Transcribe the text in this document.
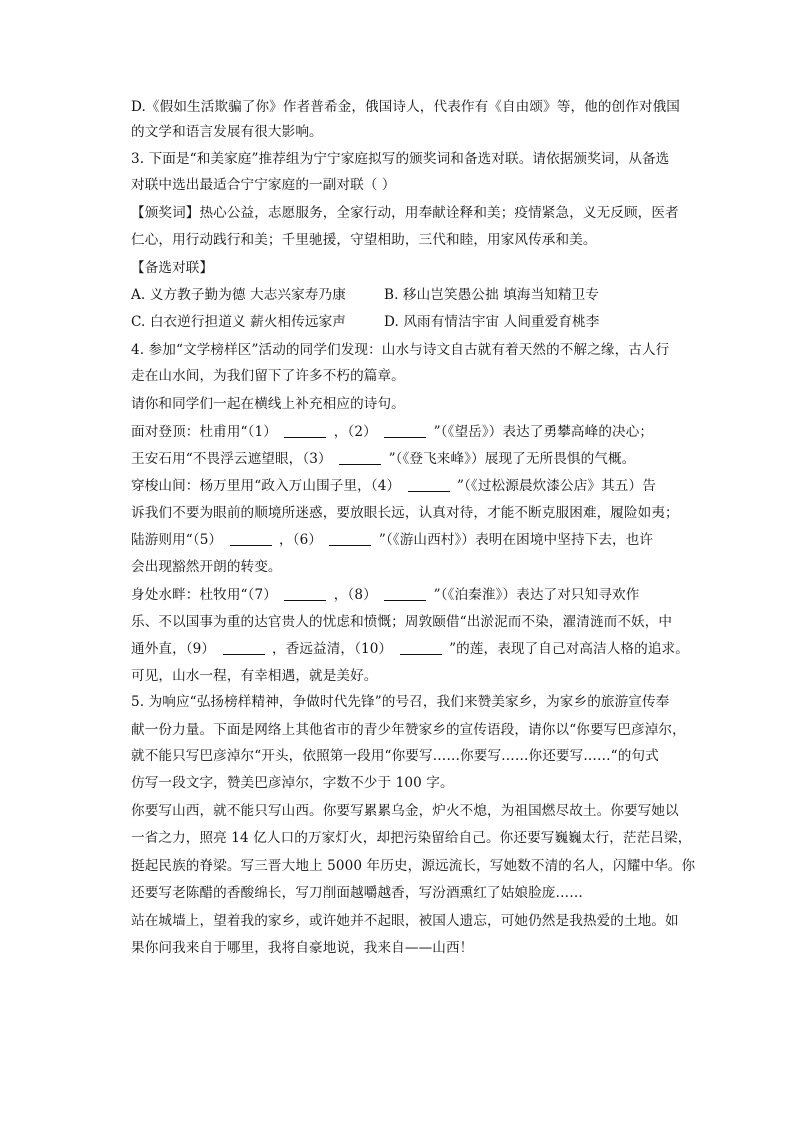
D.《假如生活欺骗了你》作者普希金，俄国诗人，代表作有《自由颂》等，他的创作对俄国
的文学和语言发展有很大影响。
3. 下面是“和美家庭”推荐组为宁宁家庭拟写的颁奖词和备选对联。请依据颁奖词，从备选
对联中选出最适合宁宁家庭的一副对联（ ）
【颁奖词】热心公益，志愿服务，全家行动，用奉献诠释和美；疫情紧急，义无反顾，医者
仁心，用行动践行和美；千里驰援，守望相助，三代和睦，用家风传承和美。
【备选对联】
A. 义方教子勤为德 大志兴家寿乃康	B. 移山岂笑愚公拙 填海当知精卫专
C. 白衣逆行担道义 薪火相传远家声	D. 风雨有情洁宇宙 人间重爱育桃李
4. 参加“文学榜样区”活动的同学们发现：山水与诗文自古就有着天然的不解之缘，古人行
走在山水间，为我们留下了许多不朽的篇章。
请你和同学们一起在横线上补充相应的诗句。
面对登顶：杜甫用“（1）	，（2）	”（《望岳》）表达了勇攀高峰的决心；
王安石用“不畏浮云遮望眼，（3）	”（《登飞来峰》）展现了无所畏惧的气概。
穿梭山间：杨万里用“政入万山围子里，（4）	”（《过松源晨炊漆公店》其五）告
诉我们不要为眼前的顺境所迷惑，要放眼长远，认真对待，才能不断克服困难，履险如夷；
陆游则用“（5）	，（6）	”（《游山西村》）表明在困境中坚持下去，也许
会出现豁然开朗的转变。
身处水畔：杜牧用“（7）	，（8）	”（《泊秦淮》）表达了对只知寻欢作
乐、不以国事为重的达官贵人的忧虑和愤慨；周敦颐借“出淤泥而不染，濯清涟而不妖，中
通外直，（9）	，香远益清，（10）	”的莲，表现了自己对高洁人格的追求。
可见，山水一程，有幸相遇，就是美好。
5. 为响应“弘扬榜样精神，争做时代先锋”的号召，我们来赞美家乡，为家乡的旅游宣传奉
献一份力量。下面是网络上其他省市的青少年赞家乡的宣传语段，请你以“你要写巴彦淖尔，
就不能只写巴彦淖尔“开头，依照第一段用“你要写……你要写……你还要写……“的句式
仿写一段文字，赞美巴彦淖尔，字数不少于 100 字。
你要写山西，就不能只写山西。你要写累累乌金，炉火不熄，为祖国燃尽故土。你要写她以
一省之力，照亮 14 亿人口的万家灯火，却把污染留给自己。你还要写巍巍太行，茫茫吕梁，
挺起民族的脊梁。写三晋大地上 5000 年历史，源远流长，写她数不清的名人，闪耀中华。你
还要写老陈醋的香酸绵长，写刀削面越嚼越香，写汾酒熏红了姑娘脸庞……
站在城墙上，望着我的家乡，或许她并不起眼，被国人遗忘，可她仍然是我热爱的土地。如
果你问我来自于哪里，我将自豪地说，我来自——山西！
